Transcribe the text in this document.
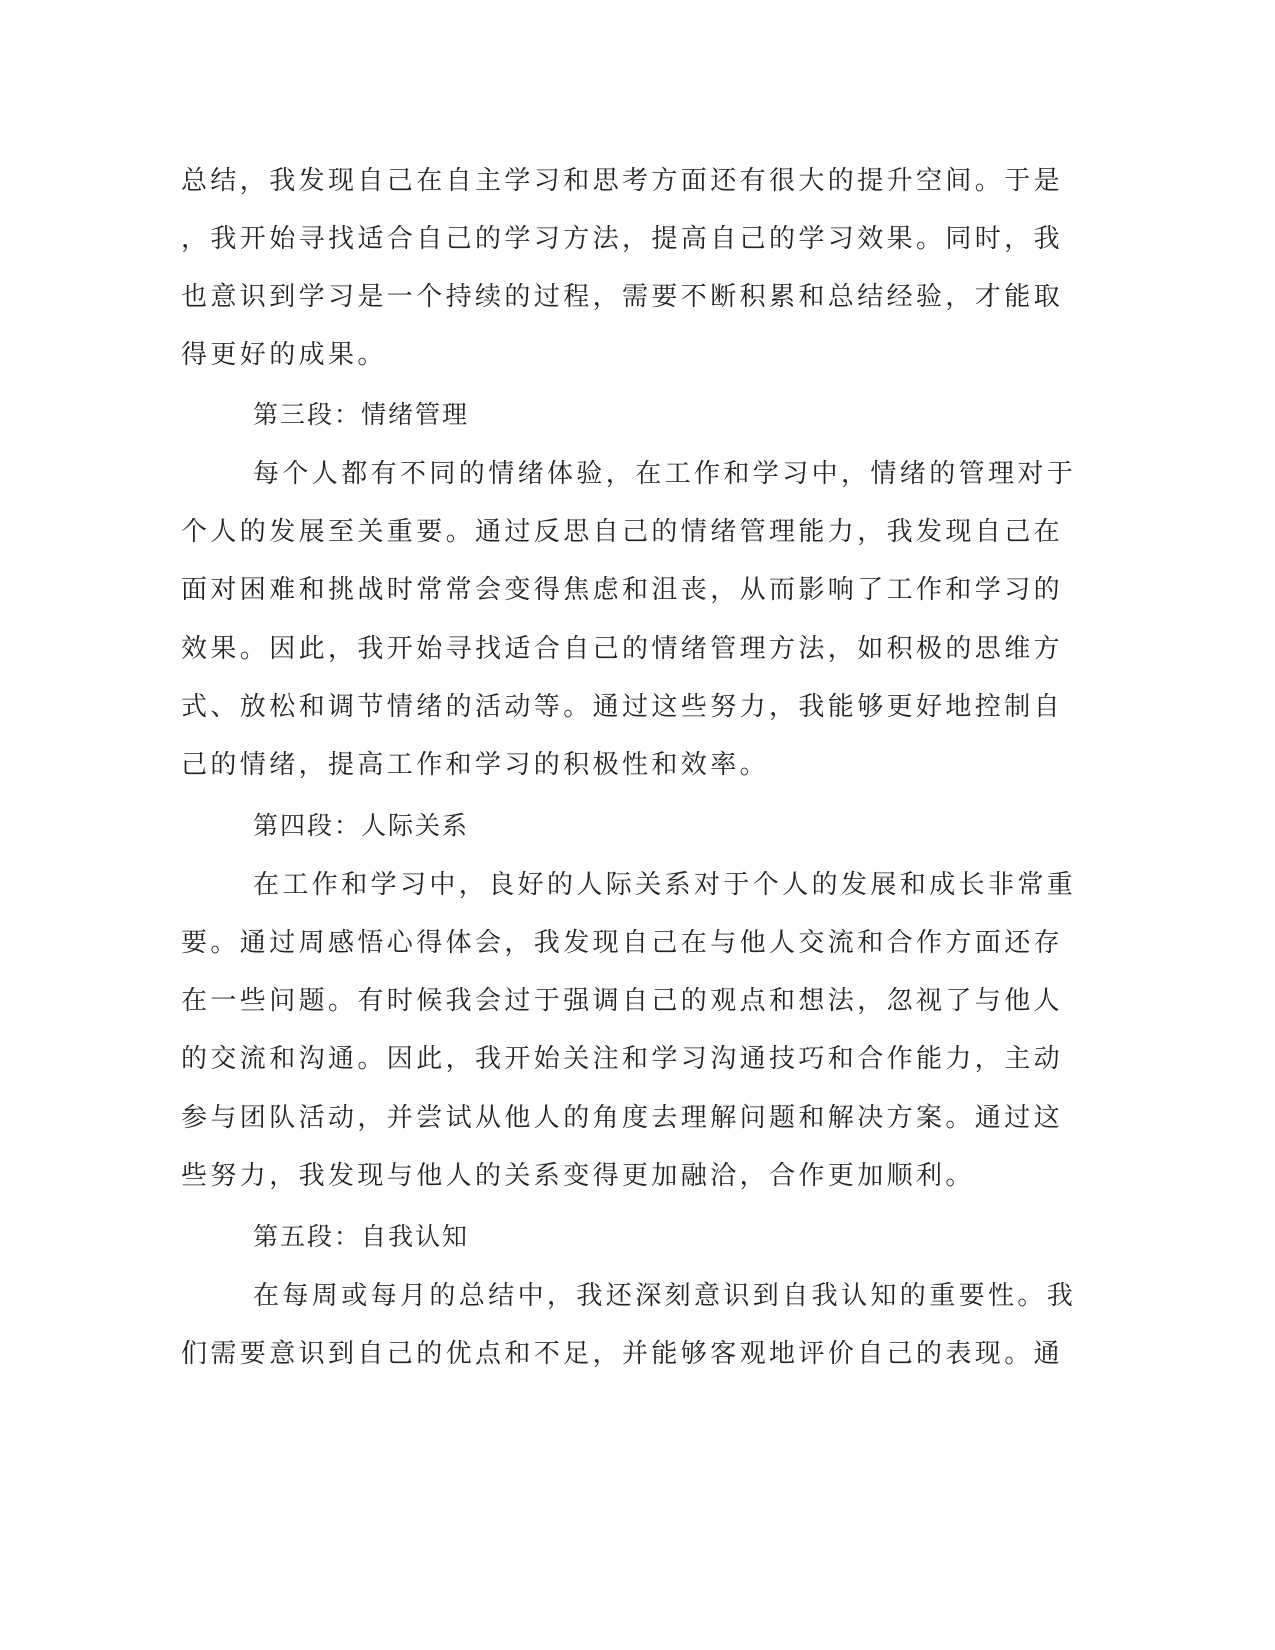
总结，我发现自己在自主学习和思考方面还有很大的提升空间。于是
，我开始寻找适合自己的学习方法，提高自己的学习效果。同时，我
也意识到学习是一个持续的过程，需要不断积累和总结经验，才能取
得更好的成果。
第三段：情绪管理
每个人都有不同的情绪体验，在工作和学习中，情绪的管理对于
个人的发展至关重要。通过反思自己的情绪管理能力，我发现自己在
面对困难和挑战时常常会变得焦虑和沮丧，从而影响了工作和学习的
效果。因此，我开始寻找适合自己的情绪管理方法，如积极的思维方
式、放松和调节情绪的活动等。通过这些努力，我能够更好地控制自
己的情绪，提高工作和学习的积极性和效率。
第四段：人际关系
在工作和学习中，良好的人际关系对于个人的发展和成长非常重
要。通过周感悟心得体会，我发现自己在与他人交流和合作方面还存
在一些问题。有时候我会过于强调自己的观点和想法，忽视了与他人
的交流和沟通。因此，我开始关注和学习沟通技巧和合作能力，主动
参与团队活动，并尝试从他人的角度去理解问题和解决方案。通过这
些努力，我发现与他人的关系变得更加融洽，合作更加顺利。
第五段：自我认知
在每周或每月的总结中，我还深刻意识到自我认知的重要性。我
们需要意识到自己的优点和不足，并能够客观地评价自己的表现。通
